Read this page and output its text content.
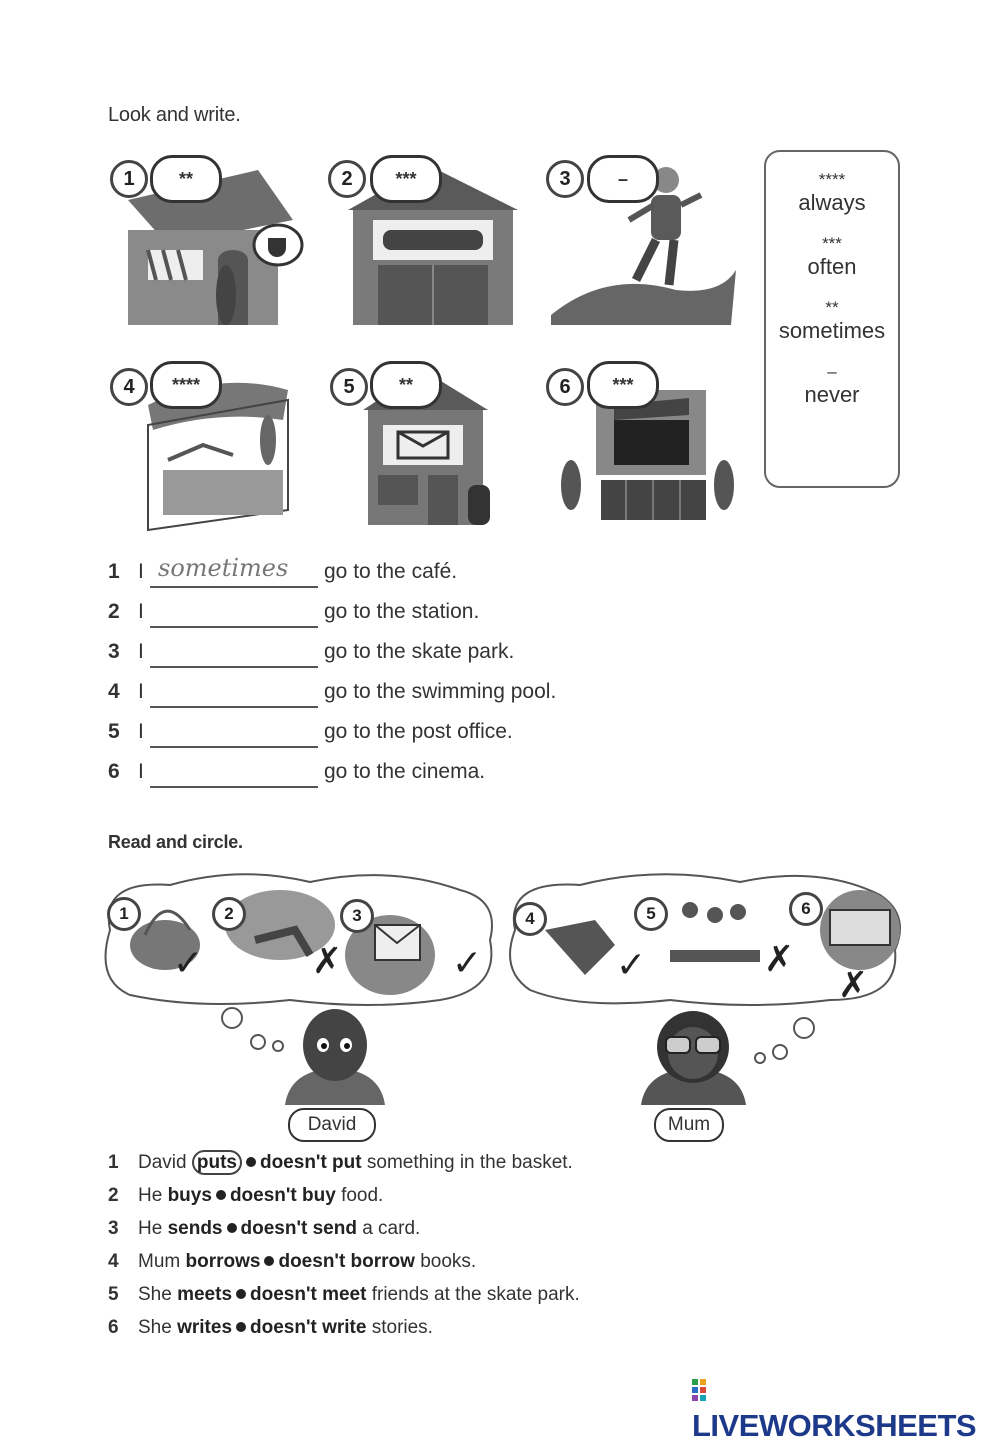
Look and write.
1	**	2	***	3	–
4	****	5	**	6	***
****
always
***
often
**
sometimes
–
never
1 I sometimes go to the café.
2 I	go to the station.
3 I	go to the skate park.
4 I	go to the swimming pool.
5 I	go to the post office.
6 I	go to the cinema.
Read and circle.
1
✓
2
✗
3
✓
4
✓
5
✗
6
✗
David	Mum
1 David puts doesn't put something in the basket.
2 He buys doesn't buy food.
3 He sends doesn't send a card.
4 Mum borrows doesn't borrow books.
5 She meets doesn't meet friends at the skate park.
6 She writes doesn't write stories.
LIVEWORKSHEETS
